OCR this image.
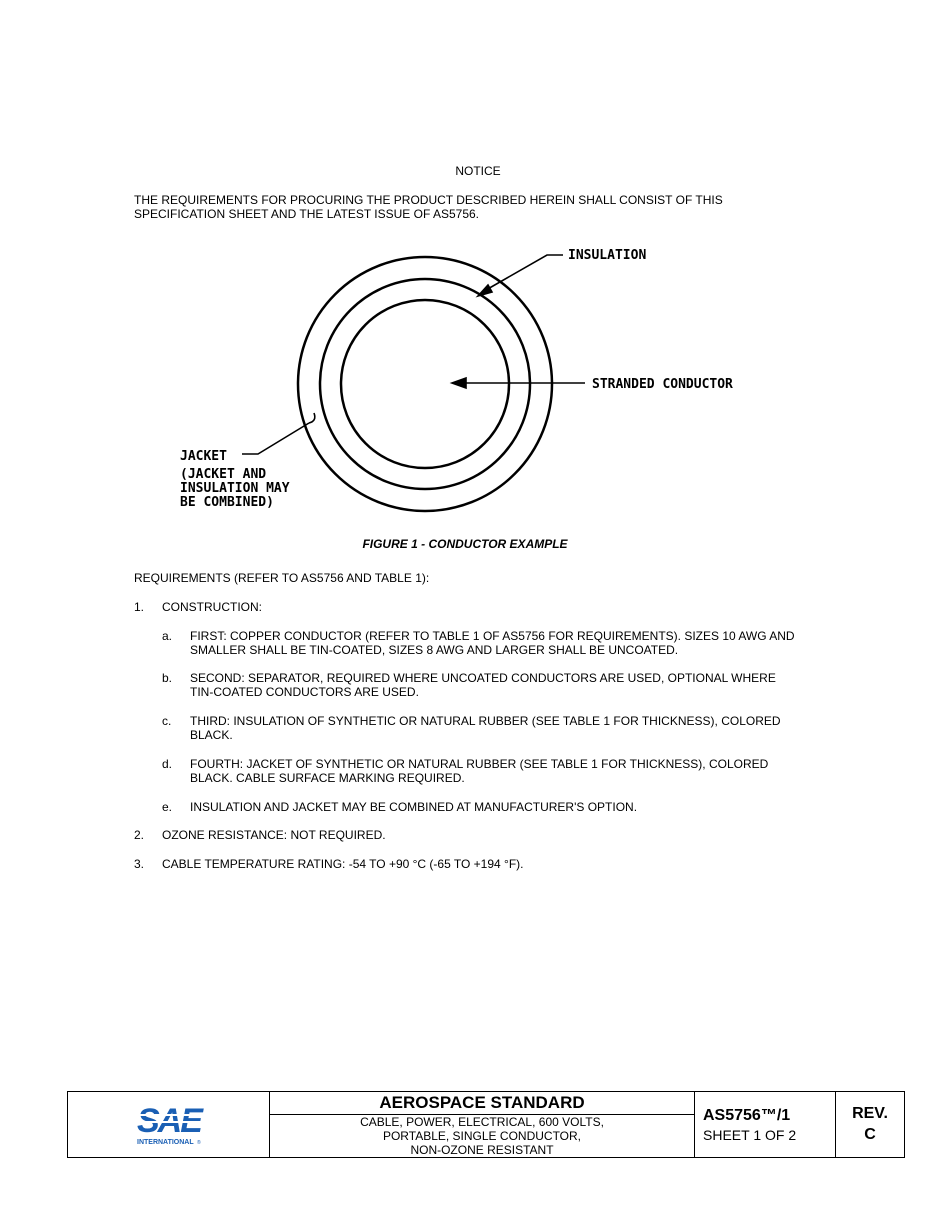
NOTICE
THE REQUIREMENTS FOR PROCURING THE PRODUCT DESCRIBED HEREIN SHALL CONSIST OF THIS
SPECIFICATION SHEET AND THE LATEST ISSUE OF AS5756.
INSULATION
STRANDED CONDUCTOR
JACKET
(JACKET AND
INSULATION MAY
BE COMBINED)
FIGURE 1 - CONDUCTOR EXAMPLE
REQUIREMENTS (REFER TO AS5756 AND TABLE 1):
1. CONSTRUCTION:
a. FIRST: COPPER CONDUCTOR (REFER TO TABLE 1 OF AS5756 FOR REQUIREMENTS). SIZES 10 AWG AND
SMALLER SHALL BE TIN-COATED, SIZES 8 AWG AND LARGER SHALL BE UNCOATED.
b. SECOND: SEPARATOR, REQUIRED WHERE UNCOATED CONDUCTORS ARE USED, OPTIONAL WHERE
TIN-COATED CONDUCTORS ARE USED.
c. THIRD: INSULATION OF SYNTHETIC OR NATURAL RUBBER (SEE TABLE 1 FOR THICKNESS), COLORED
BLACK.
d. FOURTH: JACKET OF SYNTHETIC OR NATURAL RUBBER (SEE TABLE 1 FOR THICKNESS), COLORED
BLACK. CABLE SURFACE MARKING REQUIRED.
e. INSULATION AND JACKET MAY BE COMBINED AT MANUFACTURER'S OPTION.
2. OZONE RESISTANCE: NOT REQUIRED.
3. CABLE TEMPERATURE RATING: -54 TO +90 °C (-65 TO +194 °F).
SAE
INTERNATIONAL ®
AEROSPACE STANDARD
CABLE, POWER, ELECTRICAL, 600 VOLTS,
PORTABLE, SINGLE CONDUCTOR,
NON-OZONE RESISTANT
AS5756™/1
SHEET 1 OF 2
REV.
C
